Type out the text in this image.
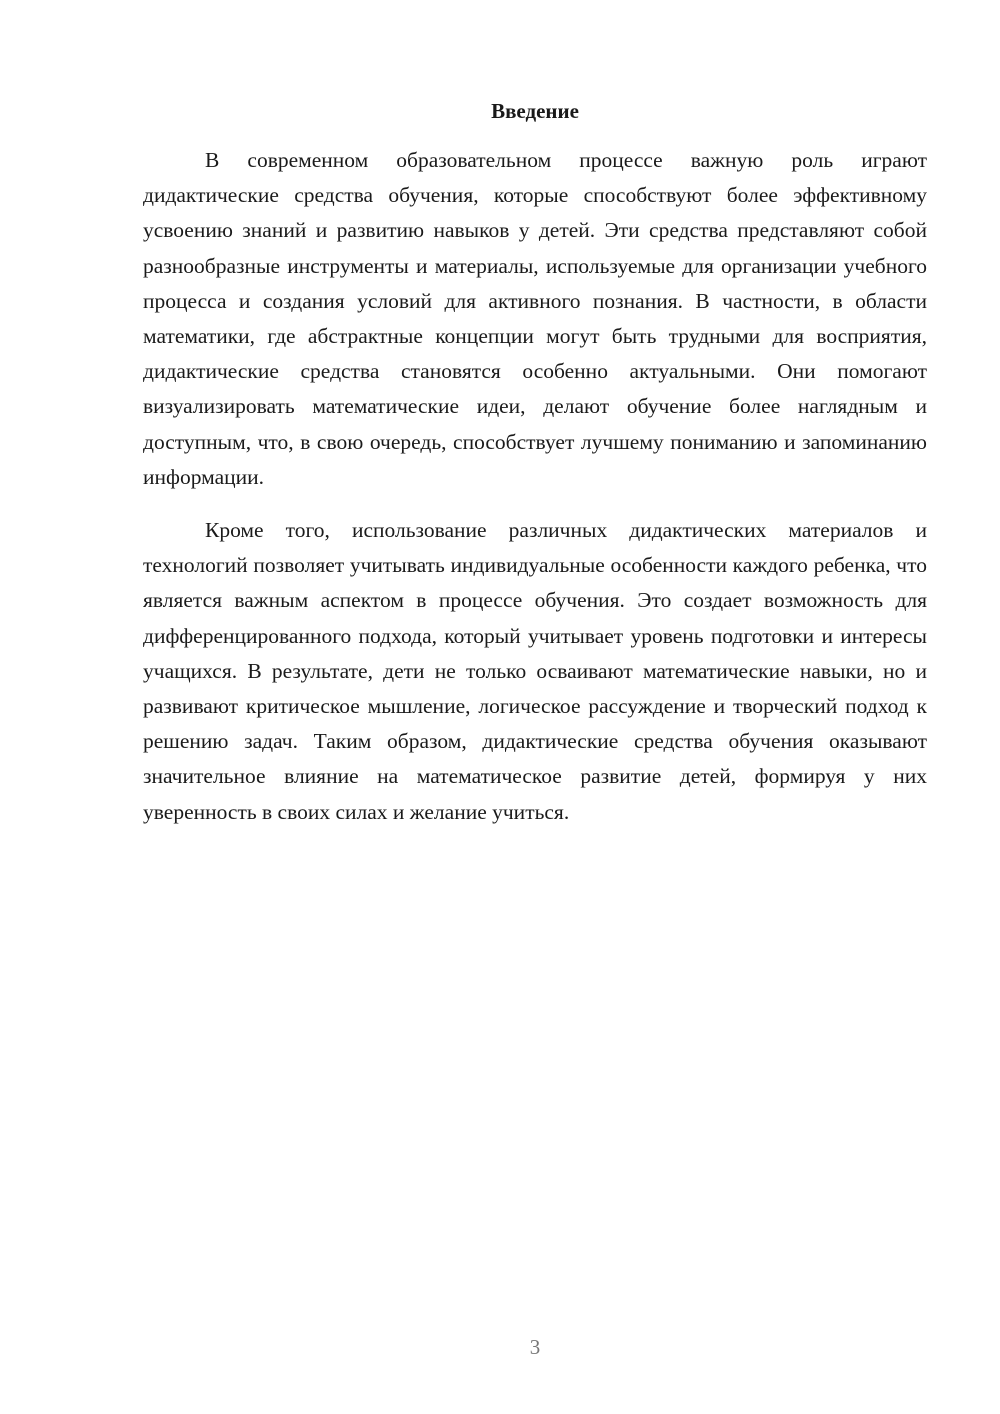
Введение

В современном образовательном процессе важную роль играют дидактические средства обучения, которые способствуют более эффективному усвоению знаний и развитию навыков у детей. Эти средства представляют собой разнообразные инструменты и материалы, используемые для организации учебного процесса и создания условий для активного познания. В частности, в области математики, где абстрактные концепции могут быть трудными для восприятия, дидактические средства становятся особенно актуальными. Они помогают визуализировать математические идеи, делают обучение более наглядным и доступным, что, в свою очередь, способствует лучшему пониманию и запоминанию информации.

Кроме того, использование различных дидактических материалов и технологий позволяет учитывать индивидуальные особенности каждого ребенка, что является важным аспектом в процессе обучения. Это создает возможность для дифференцированного подхода, который учитывает уровень подготовки и интересы учащихся. В результате, дети не только осваивают математические навыки, но и развивают критическое мышление, логическое рассуждение и творческий подход к решению задач. Таким образом, дидактические средства обучения оказывают значительное влияние на математическое развитие детей, формируя у них уверенность в своих силах и желание учиться.

3
